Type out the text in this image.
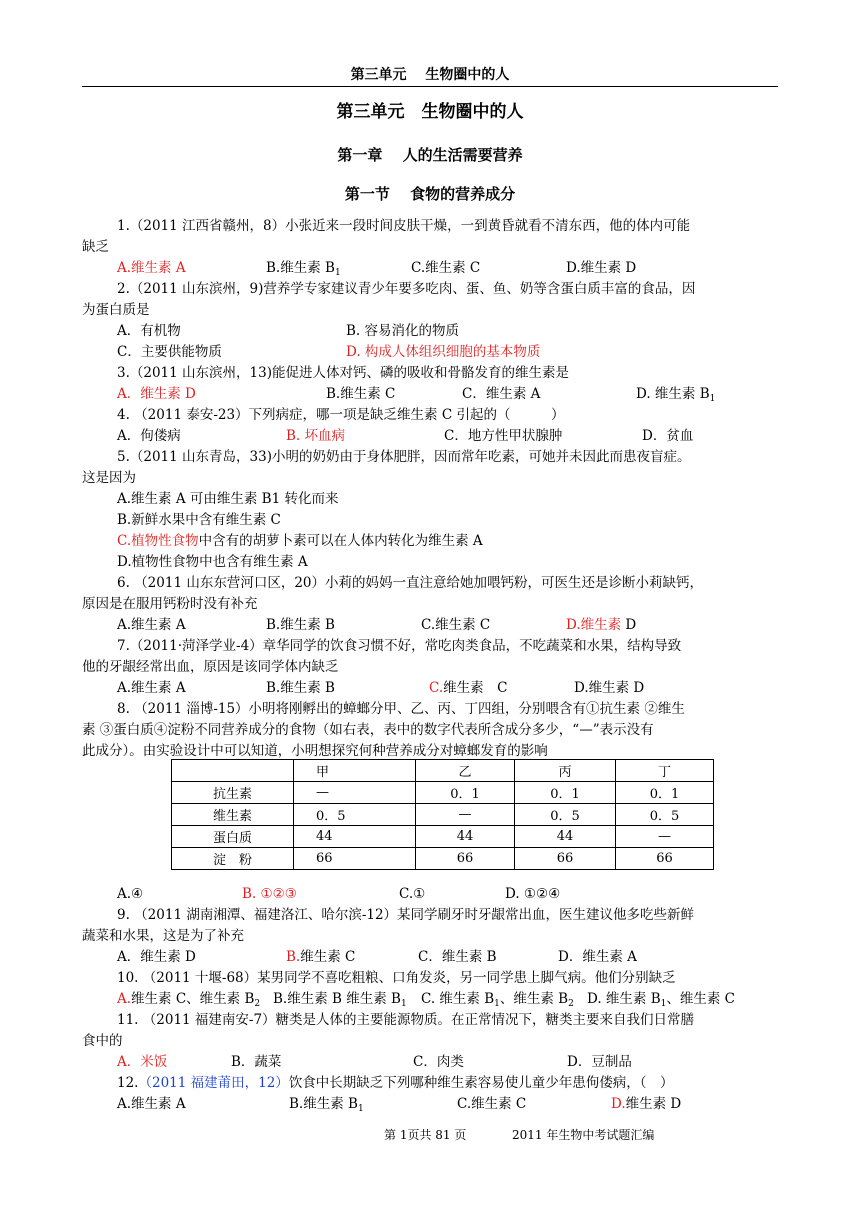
第三单元　 生物圈中的人
第三单元　生物圈中的人
第一章　 人的生活需要营养
第一节　 食物的营养成分
1.（2011 江西省赣州，8）小张近来一段时间皮肤干燥，一到黄昏就看不清东西，他的体内可能
缺乏
A.维生素 A	B.维生素 $B_1$	C.维生素 C	D.维生素 D
2.（2011 山东滨州，9)营养学专家建议青少年要多吃肉、蛋、鱼、奶等含蛋白质丰富的食品，因
为蛋白质是
A．有机物	B. 容易消化的物质
C．主要供能物质	D. 构成人体组织细胞的基本物质
3.（2011 山东滨州，13)能促进人体对钙、磷的吸收和骨骼发育的维生素是
A．维生素 D	B.维生素 C	C．维生素 A	D. 维生素 $B_1$
4. （2011 泰安-23）下列病症，哪一项是缺乏维生素 C 引起的（　　　）
A．佝偻病	B. 坏血病	C．地方性甲状腺肿	D．贫血
5.（2011 山东青岛，33)小明的奶奶由于身体肥胖，因而常年吃素，可她并未因此而患夜盲症。
这是因为
A.维生素 A 可由维生素 B1 转化而来
B.新鲜水果中含有维生素 C
C.植物性食物中含有的胡萝卜素可以在人体内转化为维生素 A
D.植物性食物中也含有维生素 A
6. （2011 山东东营河口区，20）小莉的妈妈一直注意给她加喂钙粉，可医生还是诊断小莉缺钙，
原因是在服用钙粉时没有补充
A.维生素 A	B.维生素 B	C.维生素 C	D.维生素 D
7.（2011·菏泽学业-4）章华同学的饮食习惯不好，常吃肉类食品，不吃蔬菜和水果，结构导致
他的牙龈经常出血，原因是该同学体内缺乏
A.维生素 A	B.维生素 B	C.维生素　C	D.维生素 D
8. （2011 淄博-15）小明将刚孵出的蟑螂分甲、乙、丙、丁四组，分别喂含有①抗生素 ②维生
素 ③蛋白质④淀粉不同营养成分的食物（如右表，表中的数字代表所含成分多少，“—”表示没有
此成分）。由实验设计中可以知道，小明想探究何种营养成分对蟑螂发育的影响
	甲	乙	丙	丁
抗生素	—	0．1	0．1	0．1
维生素	0．5	—	0．5	0．5
蛋白质	44	44	44	—
淀　粉	66	66	66	66
A.④	B. ①②③	C.①	D. ①②④
9. （2011 湖南湘潭、福建洛江、哈尔滨-12）某同学刷牙时牙龈常出血，医生建议他多吃些新鲜
蔬菜和水果，这是为了补充
A．维生素 D	B.维生素 C	C．维生素 B	D．维生素 A
10. （2011 十堰-68）某男同学不喜吃粗粮、口角发炎，另一同学患上脚气病。他们分别缺乏
A.维生素 C、维生素 $B_2$ B.维生素 B 维生素 $B_1$ C. 维生素 $B_1$、维生素 $B_2$ D. 维生素 $B_1$、维生素 C
11. （2011 福建南安-7）糖类是人体的主要能源物质。在正常情况下，糖类主要来自我们日常膳
食中的
A．米饭	B．蔬菜	C．肉类	D．豆制品
12.（2011 福建莆田，12）饮食中长期缺乏下列哪种维生素容易使儿童少年患佝偻病，（　）
A.维生素 A	B.维生素 $B_1$	C.维生素 C	D.维生素 D
第 1页共 81 页	2011 年生物中考试题汇编
